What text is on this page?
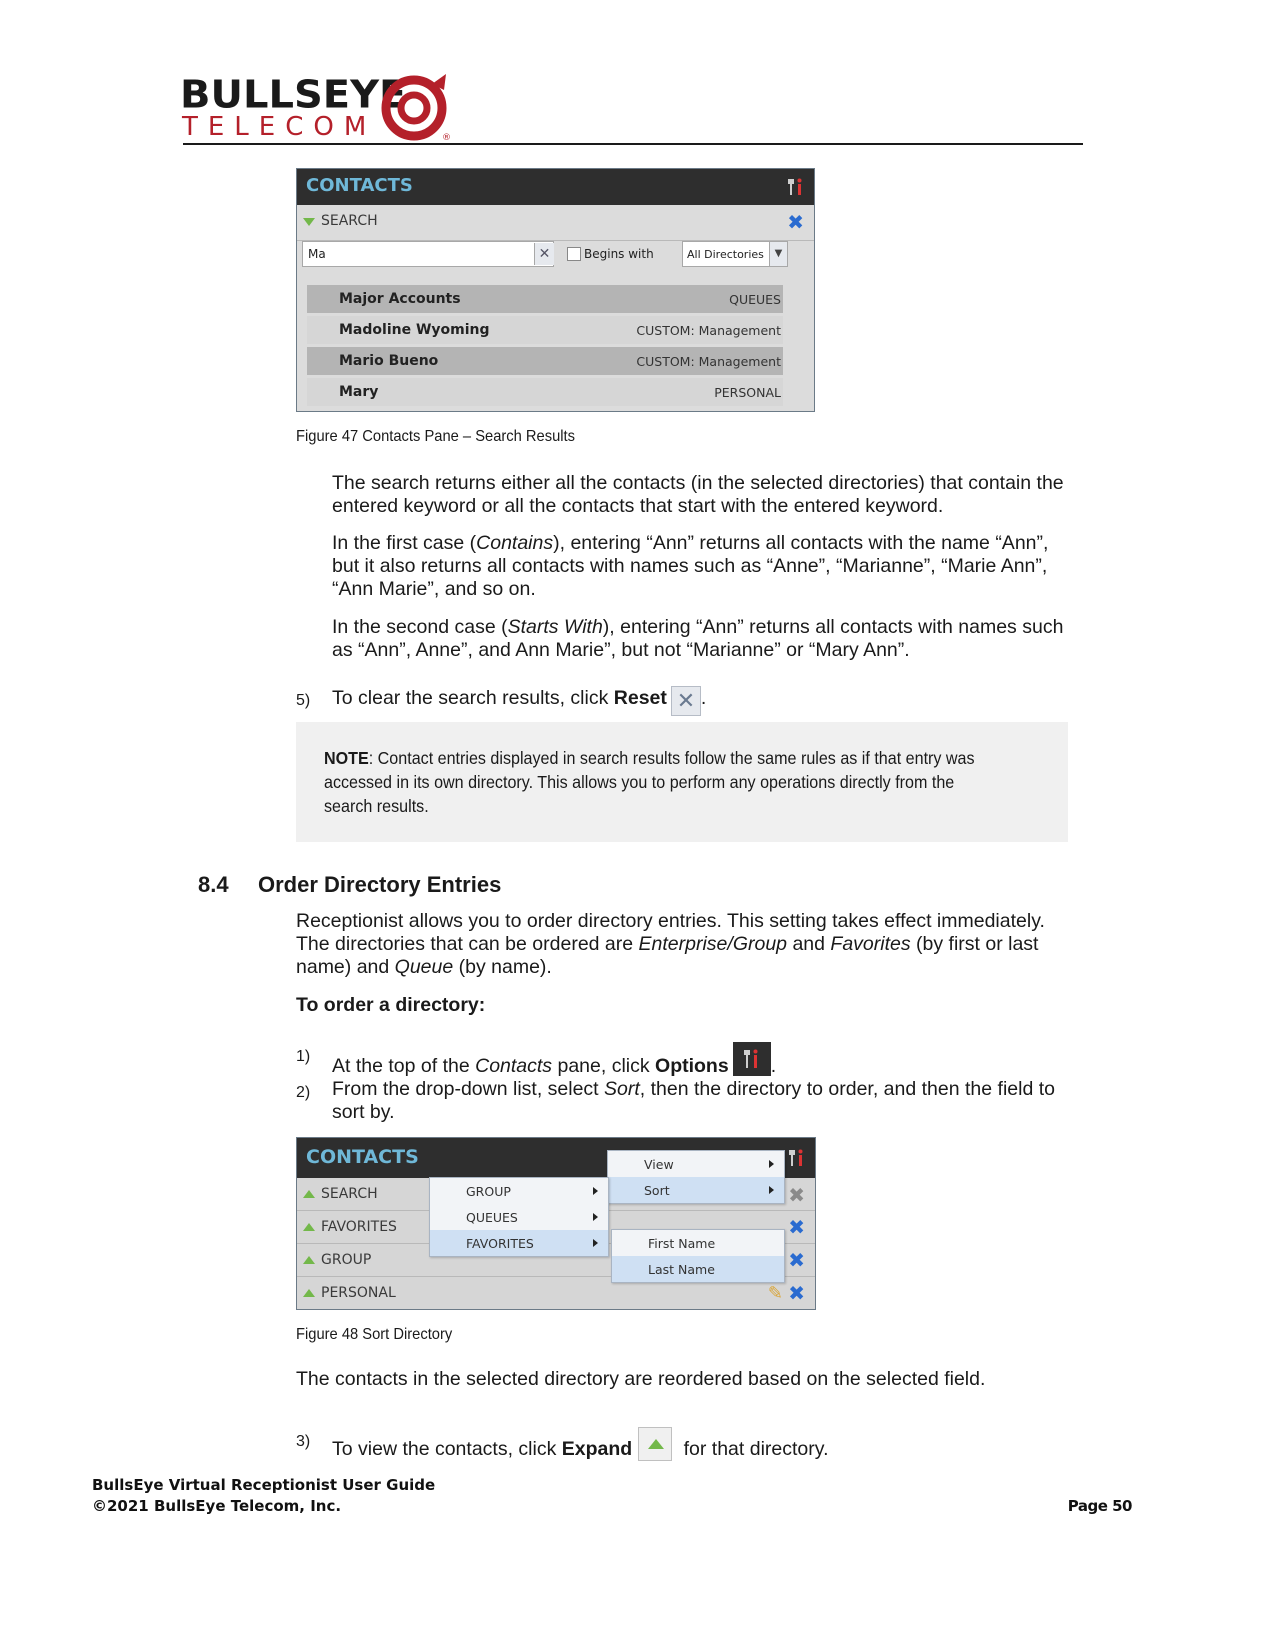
BULLSEYE
TELECOM	®
CONTACTS
SEARCH	✖
Ma	✕	Begins with	All Directories	▼
Major Accounts	QUEUES
Madoline Wyoming	CUSTOM: Management
Mario Bueno	CUSTOM: Management
Mary	PERSONAL
Figure 47 Contacts Pane – Search Results
The search returns either all the contacts (in the selected directories) that contain the entered keyword or all the contacts that start with the entered keyword.
In the first case (Contains), entering “Ann” returns all contacts with the name “Ann”, but it also returns all contacts with names such as “Anne”, “Marianne”, “Marie Ann”, “Ann Marie”, and so on.
In the second case (Starts With), entering “Ann” returns all contacts with names such as “Ann”, Anne”, and Ann Marie”, but not “Marianne” or “Mary Ann”.
5) To clear the search results, click Reset ✕ .
NOTE: Contact entries displayed in search results follow the same rules as if that entry was accessed in its own directory. This allows you to perform any operations directly from the search results.
8.4 Order Directory Entries
Receptionist allows you to order directory entries. This setting takes effect immediately. The directories that can be ordered are Enterprise/Group and Favorites (by first or last name) and Queue (by name).
To order a directory:
1) At the top of the Contacts pane, click Options .
2) From the drop-down list, select Sort, then the directory to order, and then the field to sort by.
CONTACTS
SEARCH	✖
FAVORITES	✖
GROUP	✖
PERSONAL	✎ ✖
View
Sort
GROUP
QUEUES
FAVORITES	First Name
Last Name
Figure 48 Sort Directory
The contacts in the selected directory are reordered based on the selected field.
3) To view the contacts, click Expand
for that directory.
BullsEye Virtual Receptionist User Guide
©2021 BullsEye Telecom, Inc.	Page 50
